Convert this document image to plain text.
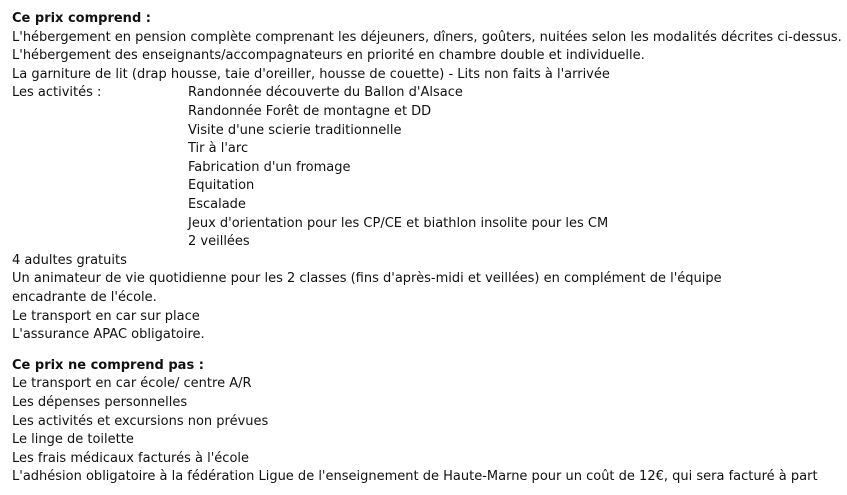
Ce prix comprend :
L'hébergement en pension complète comprenant les déjeuners, dîners, goûters, nuitées selon les modalités décrites ci-dessus.
L'hébergement des enseignants/accompagnateurs en priorité en chambre double et individuelle.
La garniture de lit (drap housse, taie d'oreiller, housse de couette) - Lits non faits à l'arrivée
Les activités :	Randonnée découverte du Ballon d'Alsace
Randonnée Forêt de montagne et DD
Visite d'une scierie traditionnelle
Tir à l'arc
Fabrication d'un fromage
Equitation
Escalade
Jeux d'orientation pour les CP/CE et biathlon insolite pour les CM
2 veillées
4 adultes gratuits
Un animateur de vie quotidienne pour les 2 classes (fins d'après-midi et veillées) en complément de l'équipe
encadrante de l'école.
Le transport en car sur place
L'assurance APAC obligatoire.
Ce prix ne comprend pas :
Le transport en car école/ centre A/R
Les dépenses personnelles
Les activités et excursions non prévues
Le linge de toilette
Les frais médicaux facturés à l'école
L'adhésion obligatoire à la fédération Ligue de l'enseignement de Haute-Marne pour un coût de 12€, qui sera facturé à part
